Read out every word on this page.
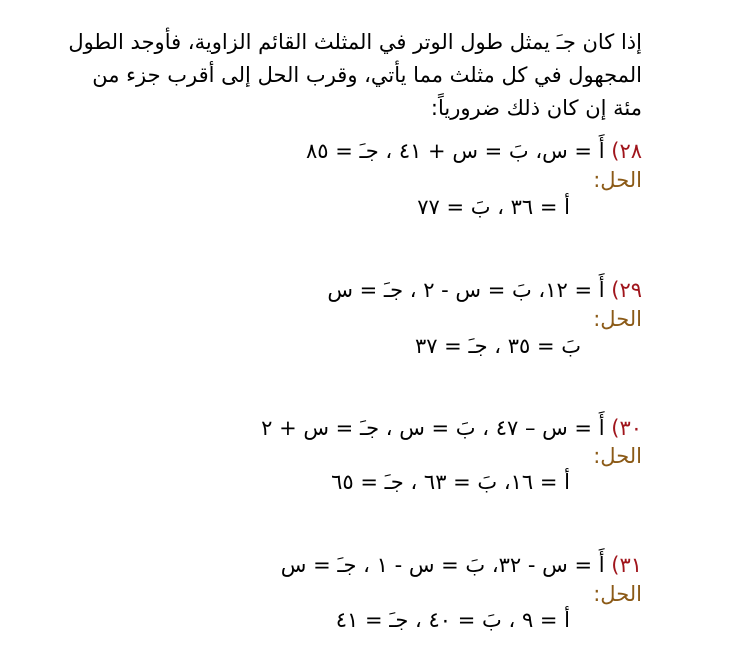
إذا كان جـَ يمثل طول الوتر في المثلث القائم الزاوية، فأوجد الطول
المجهول في كل مثلث مما يأتي، وقرب الحل إلى أقرب جزء من
مئة إن كان ذلك ضرورياً:
٢٨) أَ = س، بَ = س + ٤١ ، جـَ = ٨٥
الحل:
أ = ٣٦ ، بَ = ٧٧
٢٩) أَ = ١٢، بَ = س - ٢ ، جـَ = س
الحل:
بَ = ٣٥ ، جـَ = ٣٧
٣٠) أَ = س – ٤٧ ، بَ = س ، جـَ = س + ٢
الحل:
أ = ١٦، بَ = ٦٣ ، جـَ = ٦٥
٣١) أَ = س - ٣٢، بَ = س - ١ ، جـَ = س
الحل:
أ = ٩ ، بَ = ٤٠ ، جـَ = ٤١
